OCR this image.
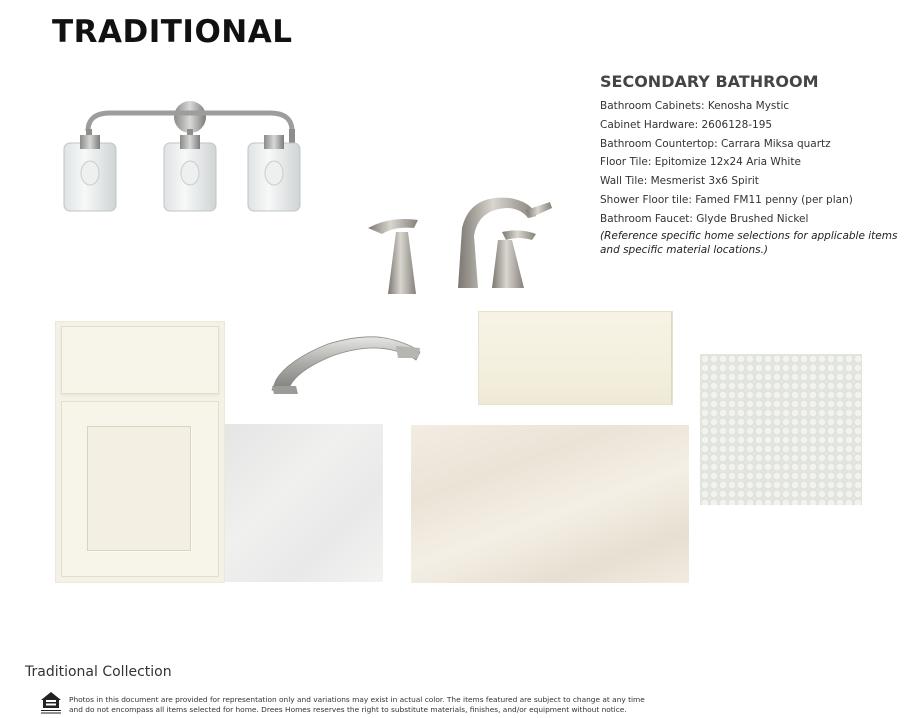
TRADITIONAL
SECONDARY BATHROOM
Bathroom Cabinets: Kenosha Mystic
Cabinet Hardware: 2606128-195
Bathroom Countertop: Carrara Miksa quartz
Floor Tile: Epitomize 12x24 Aria White
Wall Tile: Mesmerist 3x6 Spirit
Shower Floor tile: Famed FM11 penny (per plan)
Bathroom Faucet: Glyde Brushed Nickel
(Reference specific home selections for applicable items and specific material locations.)
Traditional Collection
Photos in this document are provided for representation only and variations may exist in actual color. The items featured are subject to change at any time
and do not encompass all items selected for home. Drees Homes reserves the right to substitute materials, finishes, and/or equipment without notice.
